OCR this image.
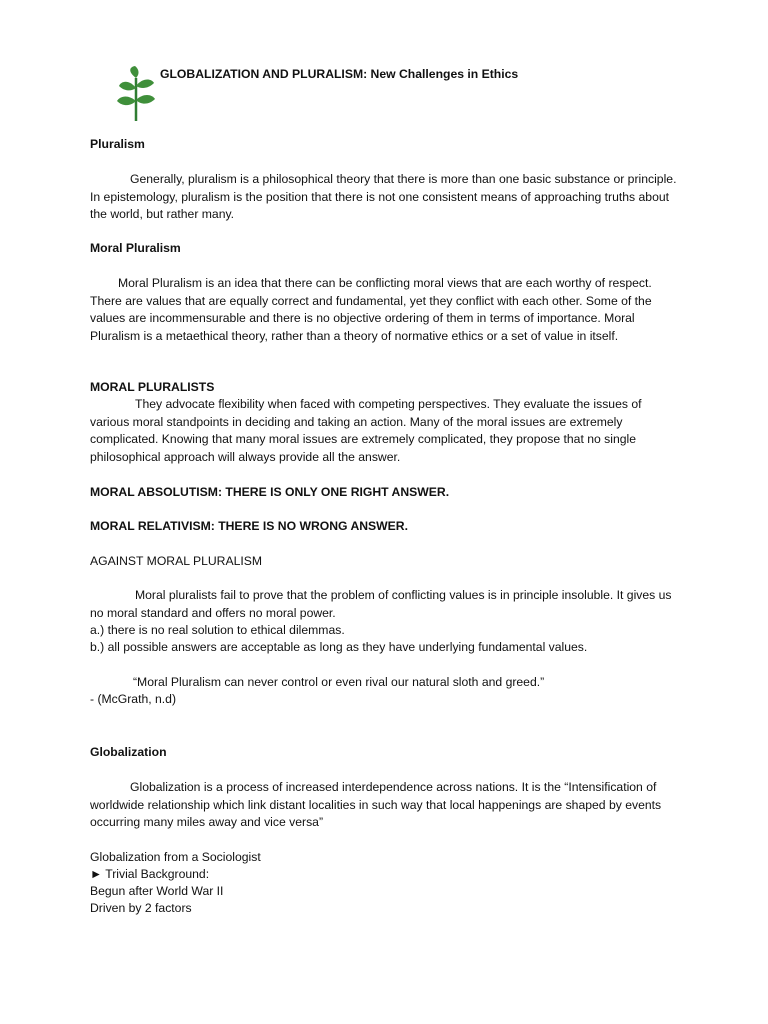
GLOBALIZATION AND PLURALISM: New Challenges in Ethics
Pluralism
Generally, pluralism is a philosophical theory that there is more than one basic substance or principle. In epistemology, pluralism is the position that there is not one consistent means of approaching truths about the world, but rather many.
Moral Pluralism
Moral Pluralism is an idea that there can be conflicting moral views that are each worthy of respect. There are values that are equally correct and fundamental, yet they conflict with each other. Some of the values are incommensurable and there is no objective ordering of them in terms of importance. Moral Pluralism is a metaethical theory, rather than a theory of normative ethics or a set of value in itself.
MORAL PLURALISTS
They advocate flexibility when faced with competing perspectives. They evaluate the issues of various moral standpoints in deciding and taking an action. Many of the moral issues are extremely complicated. Knowing that many moral issues are extremely complicated, they propose that no single philosophical approach will always provide all the answer.
MORAL ABSOLUTISM: THERE IS ONLY ONE RIGHT ANSWER.
MORAL RELATIVISM: THERE IS NO WRONG ANSWER.
AGAINST MORAL PLURALISM
Moral pluralists fail to prove that the problem of conflicting values is in principle insoluble. It gives us no moral standard and offers no moral power.
a.) there is no real solution to ethical dilemmas.
b.) all possible answers are acceptable as long as they have underlying fundamental values.
“Moral Pluralism can never control or even rival our natural sloth and greed.”
- (McGrath, n.d)
Globalization
Globalization is a process of increased interdependence across nations. It is the “Intensification of worldwide relationship which link distant localities in such way that local happenings are shaped by events occurring many miles away and vice versa”
Globalization from a Sociologist
► Trivial Background:
Begun after World War II
Driven by 2 factors
